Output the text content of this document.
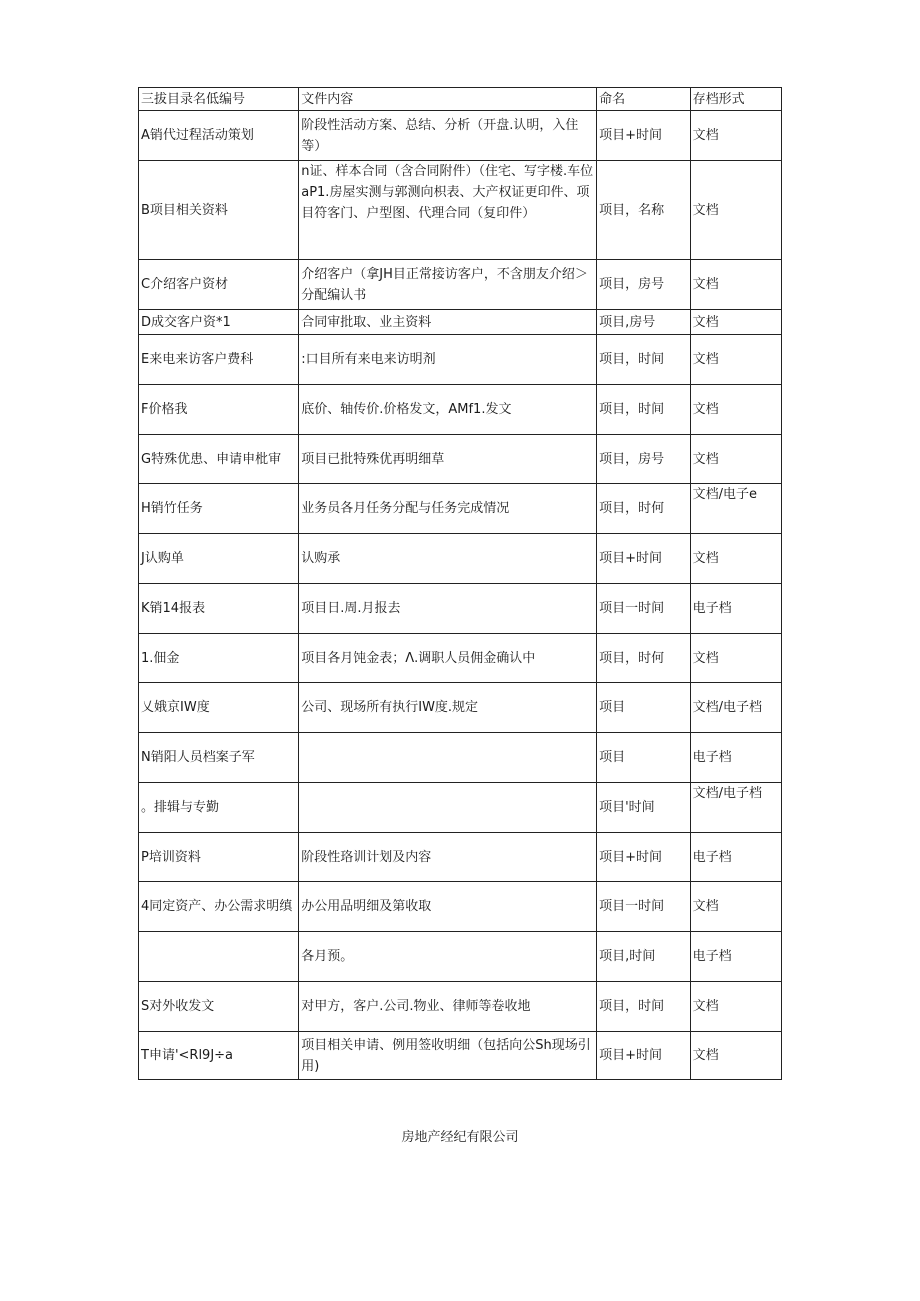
三拔目录名低编号	文件内容	命名	存档形式
A销代过程活动策划	阶段性活动方案、总结、分析（开盘.认明，入住等）	项目+时间	文档
B项目相关资料	n证、样本合同（含合同附件）（住宅、写字楼.车位aP1.房屋实测与郭测向枳表、大产权证更印件、项目符客门、户型图、代理合同（复印件）	项目，名称	文档
C介绍客户资材	介绍客户（拿JH目正常接访客户，不含朋友介绍＞分配编认书	项目，房号	文档
D成交客户资*1	合同审批取、业主资料	项目,房号	文档
E来电来访客户费科	:口目所有来电来访明剂	项目，时间	文档
F价格我	底价、轴传价.价格发文，AMf1.发文	项目，时间	文档
G特殊优患、申请申枇审	项目已批特殊优再明细草	项目，房号	文档
H销竹任务	业务员各月任务分配与任务完成情况	项目，时何	文档/电子e
J认购单	认购承	项目+时间	文档
K销14报表	项目日.周.月报去	项目一时间	电子档
1.佃金	项目各月饨金表；Λ.调职人员佣金确认中	项目，时何	文档
乂娥京IW度	公司、现场所有执行IW度.规定	项目	文档/电子档
N销阳人员档案子军		项目	电子档
。排辑与专勤		项目'时间	文档/电子档
P培训资料	阶段性珞训计划及内容	项目+时间	电子档
4同定资产、办公需求明缜	办公用品明细及第收取	项目一时间	文档
	各月预。	项目,时间	电子档
S对外收发文	对甲方，客户.公司.物业、律师等卷收地	项目，时间	文档
T申请'<Rl9J÷a	项目相关申请、例用签收明细（包括向公Sh现场引用)	项目+时间	文档
房地产经纪有限公司
